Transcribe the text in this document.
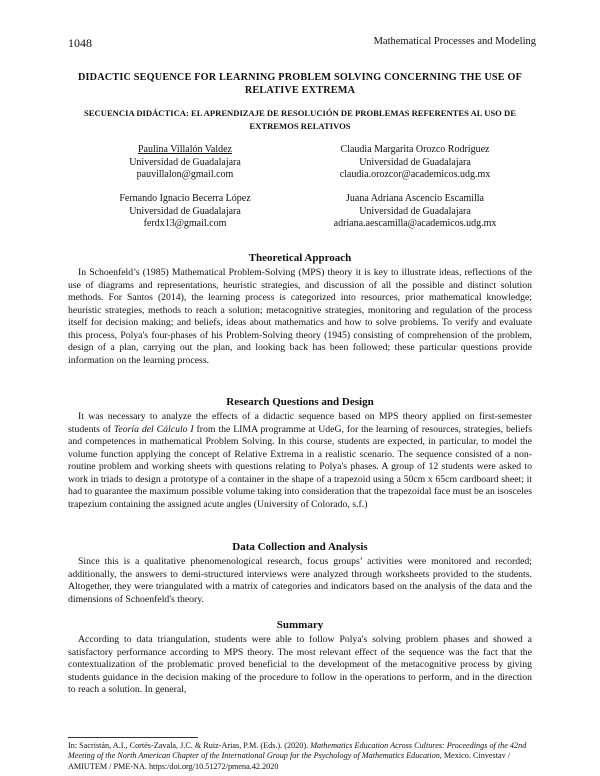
1048	Mathematical Processes and Modeling
DIDACTIC SEQUENCE FOR LEARNING PROBLEM SOLVING CONCERNING THE USE OF RELATIVE EXTREMA
SECUENCIA DIDÁCTICA: EL APRENDIZAJE DE RESOLUCIÓN DE PROBLEMAS REFERENTES AL USO DE EXTREMOS RELATIVOS
Paulina Villalón Valdez
Universidad de Guadalajara
pauvillalon@gmail.com
Claudia Margarita Orozco Rodríguez
Universidad de Guadalajara
claudia.orozcor@academicos.udg.mx
Fernando Ignacio Becerra López
Universidad de Guadalajara
ferdx13@gmail.com
Juana Adriana Ascencio Escamilla
Universidad de Guadalajara
adriana.aescamilla@academicos.udg.mx
Theoretical Approach
In Schoenfeld’s (1985) Mathematical Problem-Solving (MPS) theory it is key to illustrate ideas, reflections of the use of diagrams and representations, heuristic strategies, and discussion of all the possible and distinct solution methods. For Santos (2014), the learning process is categorized into resources, prior mathematical knowledge; heuristic strategies, methods to reach a solution; metacognitive strategies, monitoring and regulation of the process itself for decision making; and beliefs, ideas about mathematics and how to solve problems. To verify and evaluate this process, Polya's four-phases of his Problem-Solving theory (1945) consisting of comprehension of the problem, design of a plan, carrying out the plan, and looking back has been followed; these particular questions provide information on the learning process.
Research Questions and Design
It was necessary to analyze the effects of a didactic sequence based on MPS theory applied on first-semester students of Teoría del Cálculo I from the LIMA programme at UdeG, for the learning of resources, strategies, beliefs and competences in mathematical Problem Solving. In this course, students are expected, in particular, to model the volume function applying the concept of Relative Extrema in a realistic scenario. The sequence consisted of a non-routine problem and working sheets with questions relating to Polya's phases. A group of 12 students were asked to work in triads to design a prototype of a container in the shape of a trapezoid using a 50cm x 65cm cardboard sheet; it had to guarantee the maximum possible volume taking into consideration that the trapezoidal face must be an isosceles trapezium containing the assigned acute angles (University of Colorado, s.f.)
Data Collection and Analysis
Since this is a qualitative phenomenological research, focus groups’ activities were monitored and recorded; additionally, the answers to demi-structured interviews were analyzed through worksheets provided to the students. Altogether, they were triangulated with a matrix of categories and indicators based on the analysis of the data and the dimensions of Schoenfeld's theory.
Summary
According to data triangulation, students were able to follow Polya's solving problem phases and showed a satisfactory performance according to MPS theory. The most relevant effect of the sequence was the fact that the contextualization of the problematic proved beneficial to the development of the metacognitive process by giving students guidance in the decision making of the procedure to follow in the operations to perform, and in the direction to reach a solution. In general,
In: Sacristán, A.I., Cortés-Zavala, J.C. & Ruiz-Arias, P.M. (Eds.). (2020). Mathematics Education Across Cultures: Proceedings of the 42nd Meeting of the North American Chapter of the International Group for the Psychology of Mathematics Education, Mexico. Cinvestav / AMIUTEM / PME-NA. https:/doi.org/10.51272/pmena.42.2020
